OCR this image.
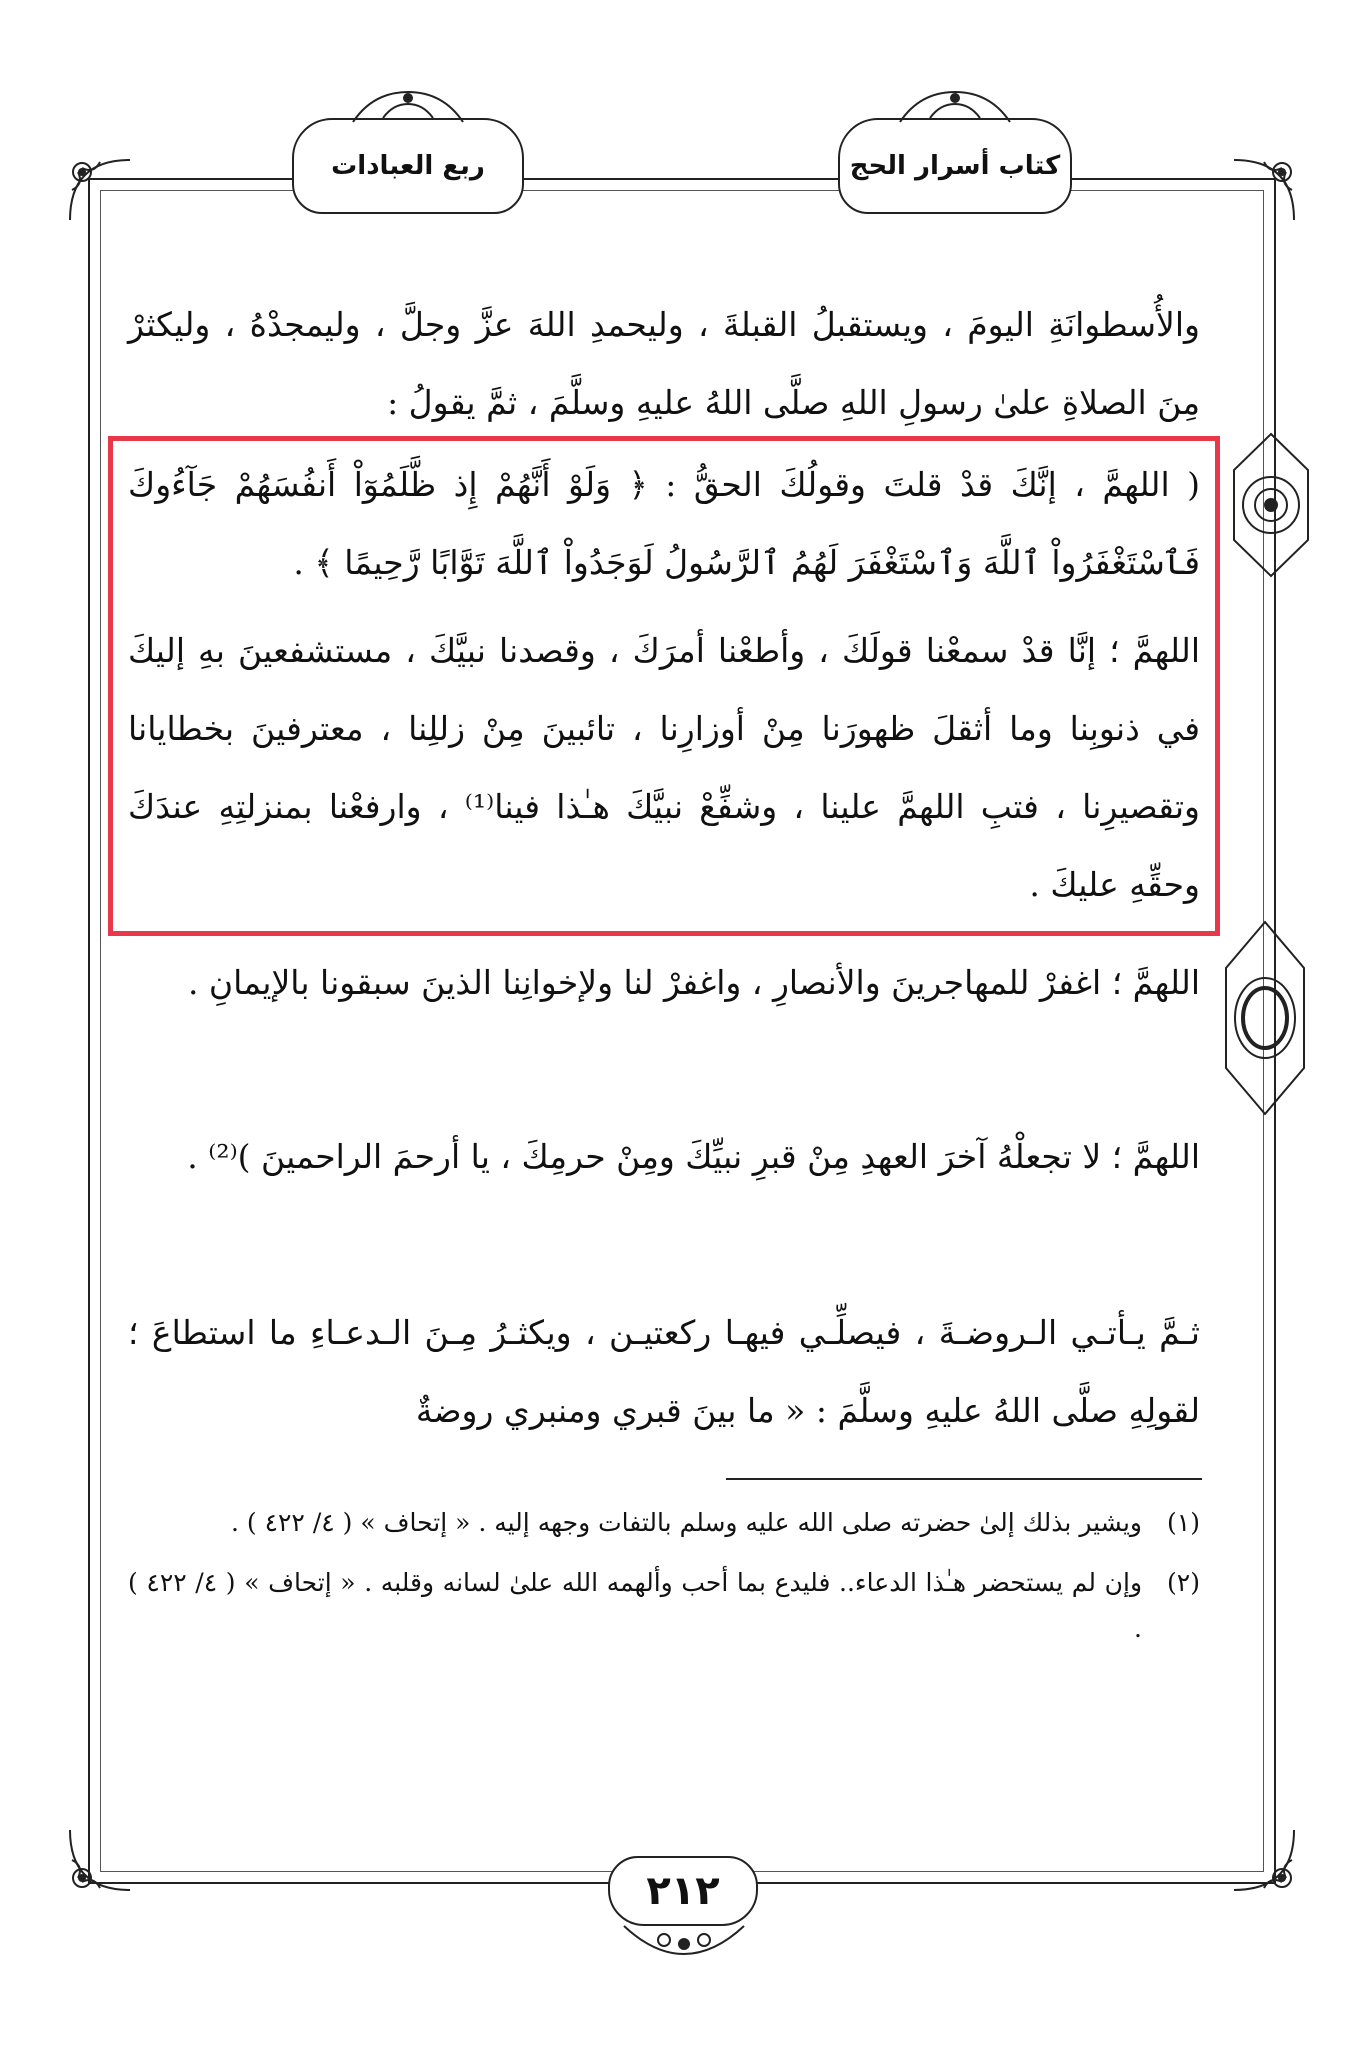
ربع العبادات	كتاب أسرار الحج

والأُسطوانَةِ اليومَ ، ويستقبلُ القبلةَ ، وليحمدِ اللهَ عزَّ وجلَّ ، وليمجدْهُ ، وليكثرْ مِنَ الصلاةِ علىٰ رسولِ اللهِ صلَّى اللهُ عليهِ وسلَّمَ ، ثمَّ يقولُ :

( اللهمَّ ، إنَّكَ قدْ قلتَ وقولُكَ الحقُّ : ﴿ وَلَوْ أَنَّهُمْ إِذ ظَّلَمُوٓاْ أَنفُسَهُمْ جَآءُوكَ فَٱسْتَغْفَرُواْ ٱللَّهَ وَٱسْتَغْفَرَ لَهُمُ ٱلرَّسُولُ لَوَجَدُواْ ٱللَّهَ تَوَّابًا رَّحِيمًا ﴾ .

اللهمَّ ؛ إنَّا قدْ سمعْنا قولَكَ ، وأطعْنا أمرَكَ ، وقصدنا نبيَّكَ ، مستشفعينَ بهِ إليكَ في ذنوبِنا وما أثقلَ ظهورَنا مِنْ أوزارِنا ، تائبينَ مِنْ زللِنا ، معترفينَ بخطايانا وتقصيرِنا ، فتبِ اللهمَّ علينا ، وشفِّعْ نبيَّكَ هـٰذا فينا⁽¹⁾ ، وارفعْنا بمنزلتِهِ عندَكَ وحقِّهِ عليكَ .

اللهمَّ ؛ اغفرْ للمهاجرينَ والأنصارِ ، واغفرْ لنا ولإخوانِنا الذينَ سبقونا بالإيمانِ .

اللهمَّ ؛ لا تجعلْهُ آخرَ العهدِ مِنْ قبرِ نبيِّكَ ومِنْ حرمِكَ ، يا أرحمَ الراحمينَ )⁽²⁾ .

ثـمَّ يـأتـي الـروضـةَ ، فيصلِّـي فيهـا ركعتيـن ، ويكثـرُ مِـنَ الـدعـاءِ ما استطاعَ ؛ لقولِهِ صلَّى اللهُ عليهِ وسلَّمَ : « ما بينَ قبري ومنبري روضةٌ

(١)
ويشير بذلك إلىٰ حضرته صلى الله عليه وسلم بالتفات وجهه إليه . « إتحاف » ( ٤/ ٤٢٢ ) .
(٢)
وإن لم يستحضر هـٰذا الدعاء.. فليدع بما أحب وألهمه الله علىٰ لسانه وقلبه . « إتحاف » ( ٤/ ٤٢٢ ) .
٢١٢
